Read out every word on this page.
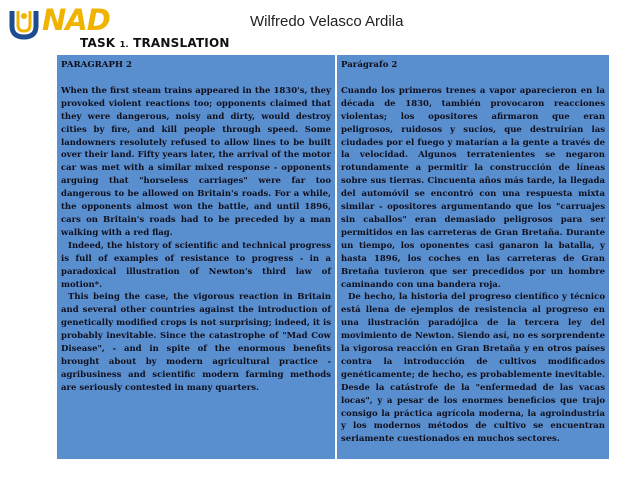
NAD
TASK 1. TRANSLATION
Wilfredo Velasco Ardila
PARAGRAPH 2

When the first steam trains appeared in the 1830's, they provoked violent reactions too; opponents claimed that they were dangerous, noisy and dirty, would destroy cities by fire, and kill people through speed. Some landowners resolutely refused to allow lines to be built over their land. Fifty years later, the arrival of the motor car was met with a similar mixed response - opponents arguing that "horseless carriages" were far too dangerous to be allowed on Britain's roads. For a while, the opponents almost won the battle, and until 1896, cars on Britain's roads had to be preceded by a man walking with a red flag.

Indeed, the history of scientific and technical progress is full of examples of resistance to progress - in a paradoxical illustration of Newton's third law of motion*.

This being the case, the vigorous reaction in Britain and several other countries against the introduction of genetically modified crops is not surprising; indeed, it is probably inevitable. Since the catastrophe of "Mad Cow Disease", - and in spite of the enormous benefits brought about by modern agricultural practice - agribusiness and scientific modern farming methods are seriously contested in many quarters.

Parágrafo 2

Cuando los primeros trenes a vapor aparecieron en la década de 1830, también provocaron reacciones violentas; los opositores afirmaron que eran peligrosos, ruidosos y sucios, que destruirían las ciudades por el fuego y matarían a la gente a través de la velocidad. Algunos terratenientes se negaron rotundamente a permitir la construcción de líneas sobre sus tierras. Cincuenta años más tarde, la llegada del automóvil se encontró con una respuesta mixta similar - opositores argumentando que los "carruajes sin caballos" eran demasiado peligrosos para ser permitidos en las carreteras de Gran Bretaña. Durante un tiempo, los oponentes casi ganaron la batalla, y hasta 1896, los coches en las carreteras de Gran Bretaña tuvieron que ser precedidos por un hombre caminando con una bandera roja.

De hecho, la historia del progreso científico y técnico está llena de ejemplos de resistencia al progreso en una ilustración paradójica de la tercera ley del movimiento de Newton. Siendo así, no es sorprendente la vigorosa reacción en Gran Bretaña y en otros países contra la introducción de cultivos modificados genéticamente; de hecho, es probablemente inevitable. Desde la catástrofe de la "enfermedad de las vacas locas", y a pesar de los enormes beneficios que trajo consigo la práctica agrícola moderna, la agroindustria y los modernos métodos de cultivo se encuentran seriamente cuestionados en muchos sectores.
